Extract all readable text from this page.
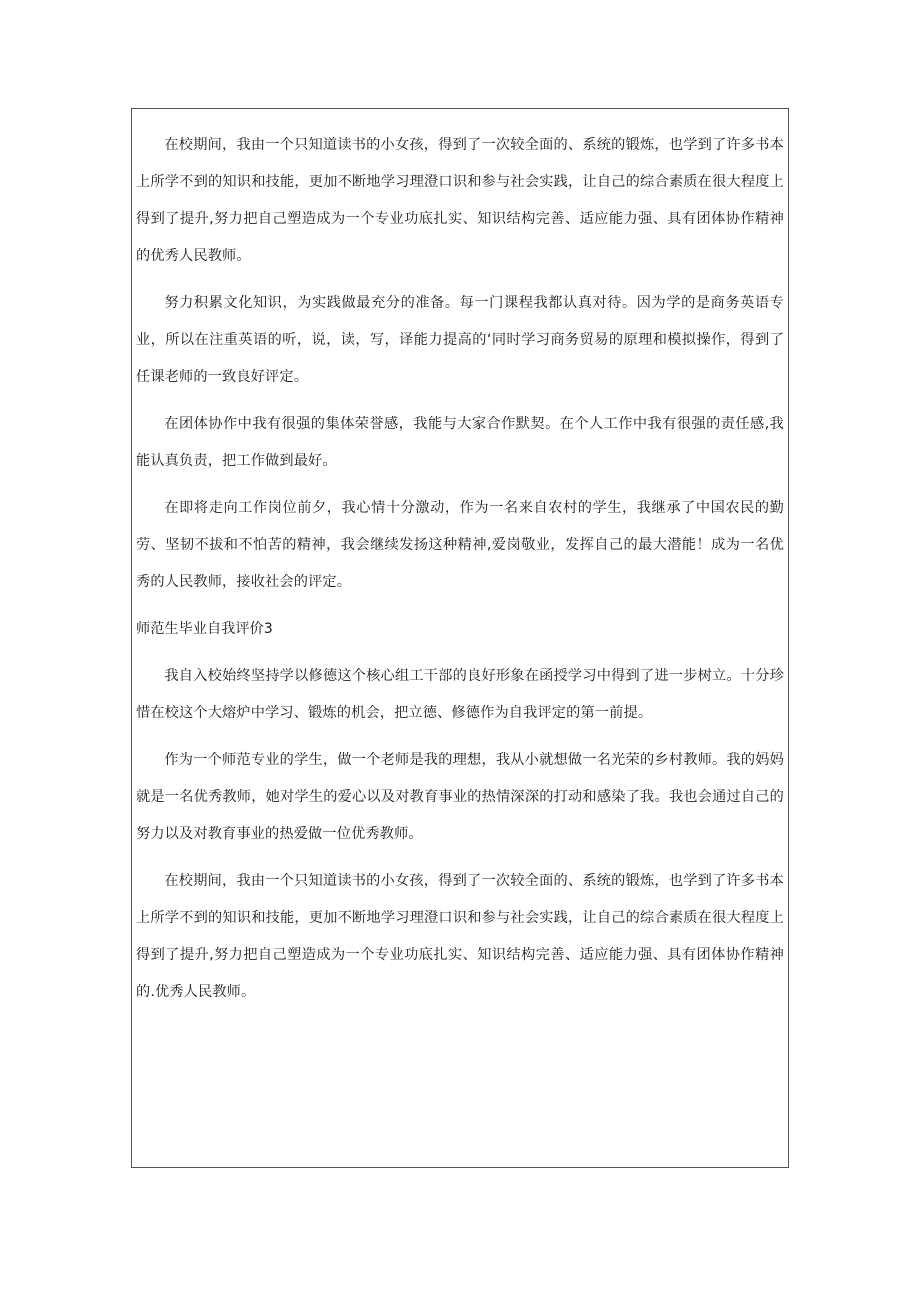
在校期间，我由一个只知道读书的小女孩，得到了一次较全面的、系统的锻炼，也学到了许多书本上所学不到的知识和技能，更加不断地学习理澄口识和参与社会实践，让自己的综合素质在很大程度上得到了提升,努力把自己塑造成为一个专业功底扎实、知识结构完善、适应能力强、具有团体协作精神的优秀人民教师。

努力积累文化知识，为实践做最充分的准备。每一门课程我都认真对待。因为学的是商务英语专业，所以在注重英语的听，说，读，写，译能力提高的‘同时学习商务贸易的原理和模拟操作，得到了任课老师的一致良好评定。

在团体协作中我有很强的集体荣誉感，我能与大家合作默契。在个人工作中我有很强的责任感,我能认真负责，把工作做到最好。

在即将走向工作岗位前夕，我心情十分激动，作为一名来自农村的学生，我继承了中国农民的勤劳、坚韧不拔和不怕苦的精神，我会继续发扬这种精神,爱岗敬业，发挥自己的最大潜能！成为一名优秀的人民教师，接收社会的评定。

师范生毕业自我评价3

我自入校始终坚持学以修德这个核心组工干部的良好形象在函授学习中得到了进一步树立。十分珍惜在校这个大熔炉中学习、锻炼的机会，把立德、修德作为自我评定的第一前提。

作为一个师范专业的学生，做一个老师是我的理想，我从小就想做一名光荣的乡村教师。我的妈妈就是一名优秀教师，她对学生的爱心以及对教育事业的热情深深的打动和感染了我。我也会通过自己的努力以及对教育事业的热爱做一位优秀教师。

在校期间，我由一个只知道读书的小女孩，得到了一次较全面的、系统的锻炼，也学到了许多书本上所学不到的知识和技能，更加不断地学习理澄口识和参与社会实践，让自己的综合素质在很大程度上得到了提升,努力把自己塑造成为一个专业功底扎实、知识结构完善、适应能力强、具有团体协作精神的.优秀人民教师。
